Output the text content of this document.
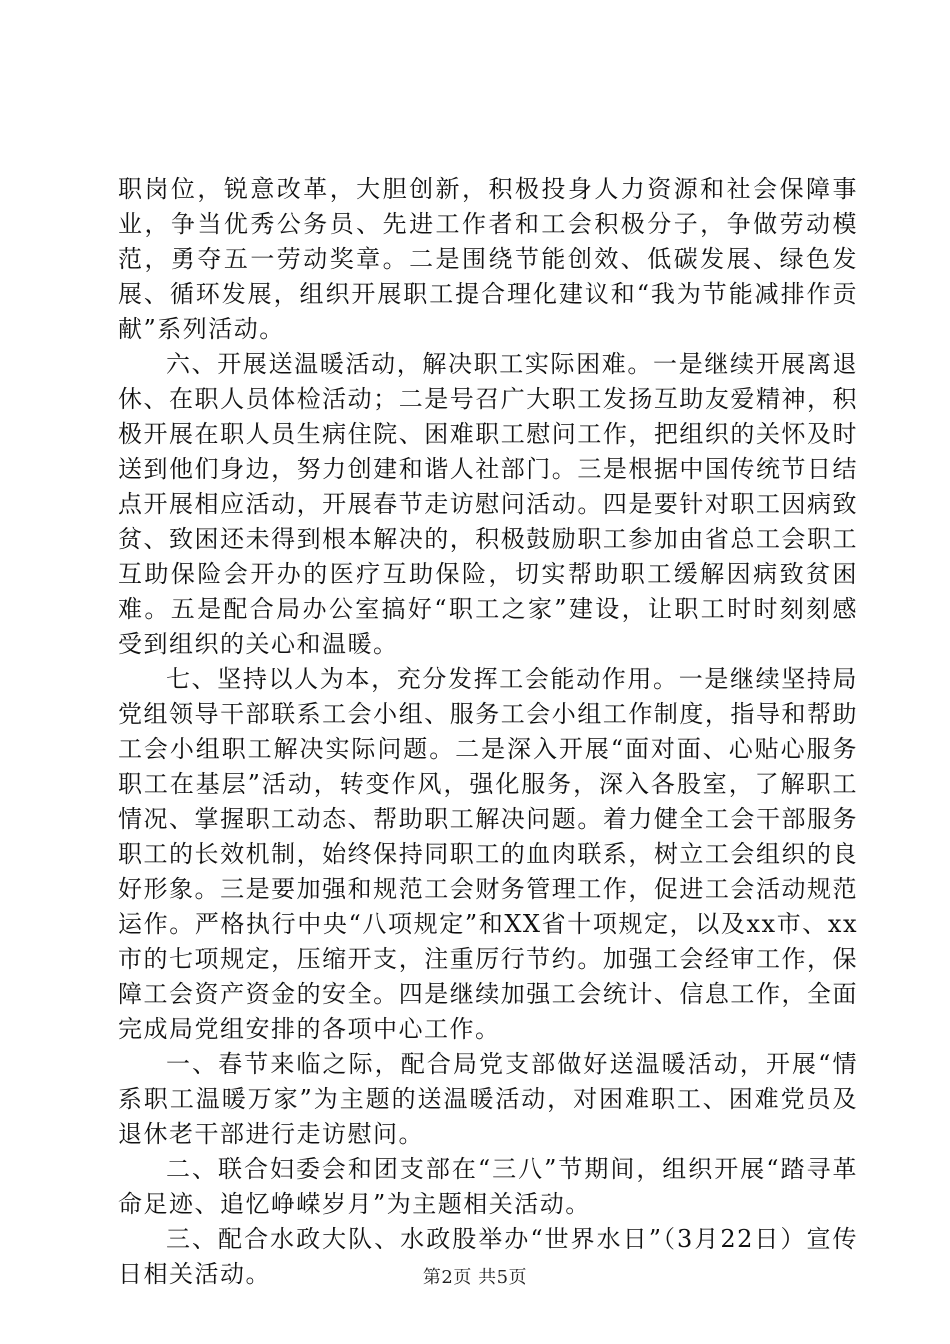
职岗位，锐意改革，大胆创新，积极投身人力资源和社会保障事业，争当优秀公务员、先进工作者和工会积极分子，争做劳动模范，勇夺五一劳动奖章。二是围绕节能创效、低碳发展、绿色发展、循环发展，组织开展职工提合理化建议和“我为节能减排作贡献”系列活动。

六、开展送温暖活动，解决职工实际困难。一是继续开展离退休、在职人员体检活动；二是号召广大职工发扬互助友爱精神，积极开展在职人员生病住院、困难职工慰问工作，把组织的关怀及时送到他们身边，努力创建和谐人社部门。三是根据中国传统节日结点开展相应活动，开展春节走访慰问活动。四是要针对职工因病致贫、致困还未得到根本解决的，积极鼓励职工参加由省总工会职工互助保险会开办的医疗互助保险，切实帮助职工缓解因病致贫困难。五是配合局办公室搞好“职工之家”建设，让职工时时刻刻感受到组织的关心和温暖。

七、坚持以人为本，充分发挥工会能动作用。一是继续坚持局党组领导干部联系工会小组、服务工会小组工作制度，指导和帮助工会小组职工解决实际问题。二是深入开展“面对面、心贴心服务职工在基层”活动，转变作风，强化服务，深入各股室，了解职工情况、掌握职工动态、帮助职工解决问题。着力健全工会干部服务职工的长效机制，始终保持同职工的血肉联系，树立工会组织的良好形象。三是要加强和规范工会财务管理工作，促进工会活动规范运作。严格执行中央“八项规定”和XX省十项规定，以及xx市、xx市的七项规定，压缩开支，注重厉行节约。加强工会经审工作，保障工会资产资金的安全。四是继续加强工会统计、信息工作，全面完成局党组安排的各项中心工作。

一、春节来临之际，配合局党支部做好送温暖活动，开展“情系职工温暖万家”为主题的送温暖活动，对困难职工、困难党员及退休老干部进行走访慰问。

二、联合妇委会和团支部在“三八”节期间，组织开展“踏寻革命足迹、追忆峥嵘岁月”为主题相关活动。

三、配合水政大队、水政股举办“世界水日”（3月22日）宣传日相关活动。	第2页 共5页
